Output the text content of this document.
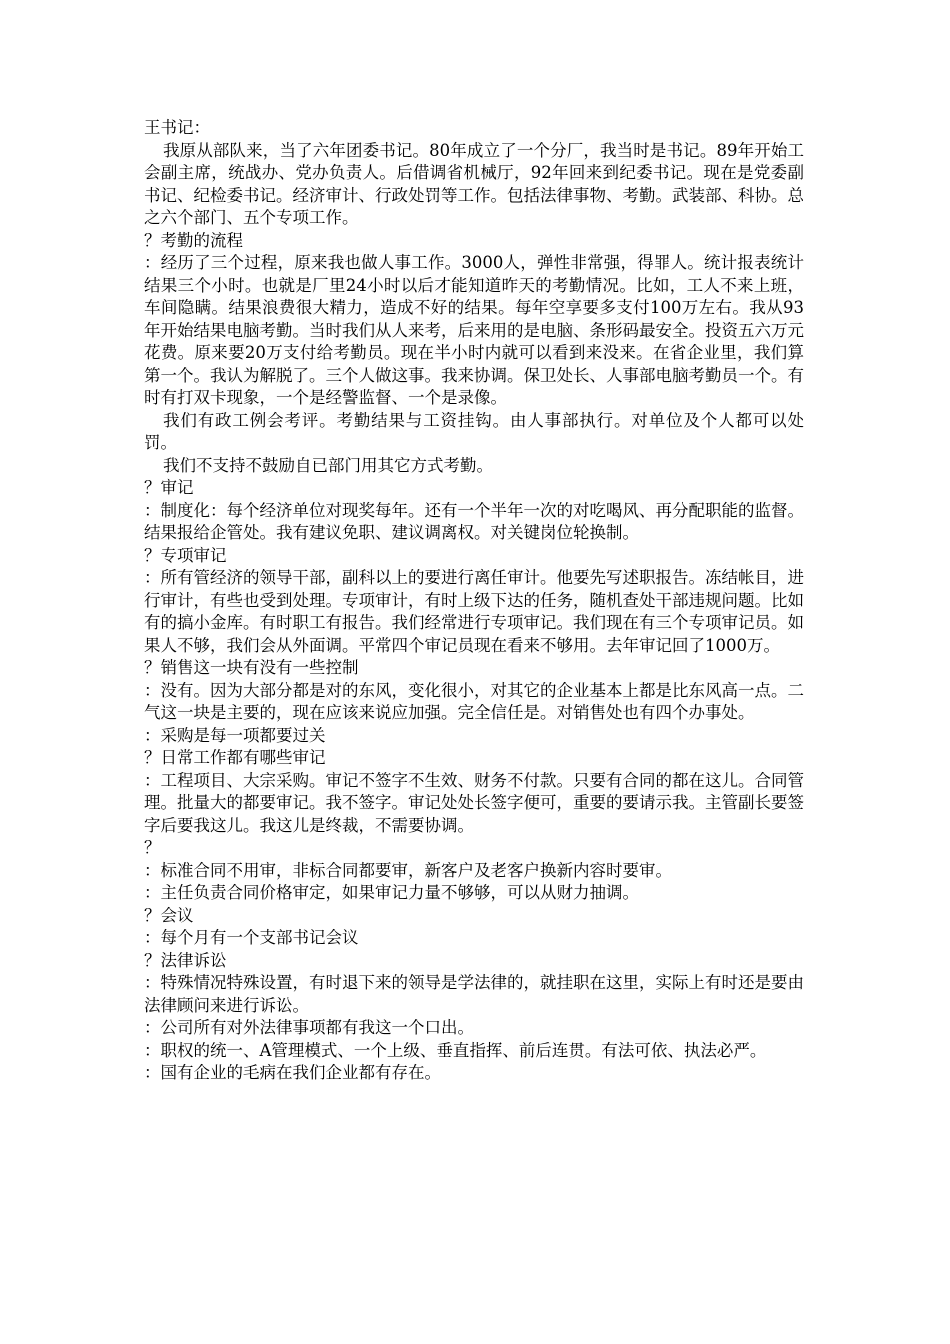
王书记：

我原从部队来，当了六年团委书记。80年成立了一个分厂，我当时是书记。89年开始工会副主席，统战办、党办负责人。后借调省机械厅，92年回来到纪委书记。现在是党委副书记、纪检委书记。经济审计、行政处罚等工作。包括法律事物、考勤。武装部、科协。总之六个部门、五个专项工作。

？考勤的流程

：经历了三个过程，原来我也做人事工作。3000人，弹性非常强，得罪人。统计报表统计结果三个小时。也就是厂里24小时以后才能知道昨天的考勤情况。比如，工人不来上班，车间隐瞒。结果浪费很大精力，造成不好的结果。每年空享要多支付100万左右。我从93年开始结果电脑考勤。当时我们从人来考，后来用的是电脑、条形码最安全。投资五六万元花费。原来要20万支付给考勤员。现在半小时内就可以看到来没来。在省企业里，我们算第一个。我认为解脱了。三个人做这事。我来协调。保卫处长、人事部电脑考勤员一个。有时有打双卡现象，一个是经警监督、一个是录像。

我们有政工例会考评。考勤结果与工资挂钩。由人事部执行。对单位及个人都可以处罚。

我们不支持不鼓励自已部门用其它方式考勤。

？审记

：制度化：每个经济单位对现奖每年。还有一个半年一次的对吃喝风、再分配职能的监督。结果报给企管处。我有建议免职、建议调离权。对关键岗位轮换制。

？专项审记

：所有管经济的领导干部，副科以上的要进行离任审计。他要先写述职报告。冻结帐目，进行审计，有些也受到处理。专项审计，有时上级下达的任务，随机查处干部违规问题。比如有的搞小金库。有时职工有报告。我们经常进行专项审记。我们现在有三个专项审记员。如果人不够，我们会从外面调。平常四个审记员现在看来不够用。去年审记回了1000万。

？销售这一块有没有一些控制

：没有。因为大部分都是对的东风，变化很小，对其它的企业基本上都是比东风高一点。二气这一块是主要的，现在应该来说应加强。完全信任是。对销售处也有四个办事处。

：采购是每一项都要过关

？日常工作都有哪些审记

：工程项目、大宗采购。审记不签字不生效、财务不付款。只要有合同的都在这儿。合同管理。批量大的都要审记。我不签字。审记处处长签字便可，重要的要请示我。主管副长要签字后要我这儿。我这儿是终裁，不需要协调。

？

：标准合同不用审，非标合同都要审，新客户及老客户换新内容时要审。

：主任负责合同价格审定，如果审记力量不够够，可以从财力抽调。

？会议

：每个月有一个支部书记会议

？法律诉讼

：特殊情况特殊设置，有时退下来的领导是学法律的，就挂职在这里，实际上有时还是要由法律顾问来进行诉讼。

：公司所有对外法律事项都有我这一个口出。

：职权的统一、A管理模式、一个上级、垂直指挥、前后连贯。有法可依、执法必严。

：国有企业的毛病在我们企业都有存在。
